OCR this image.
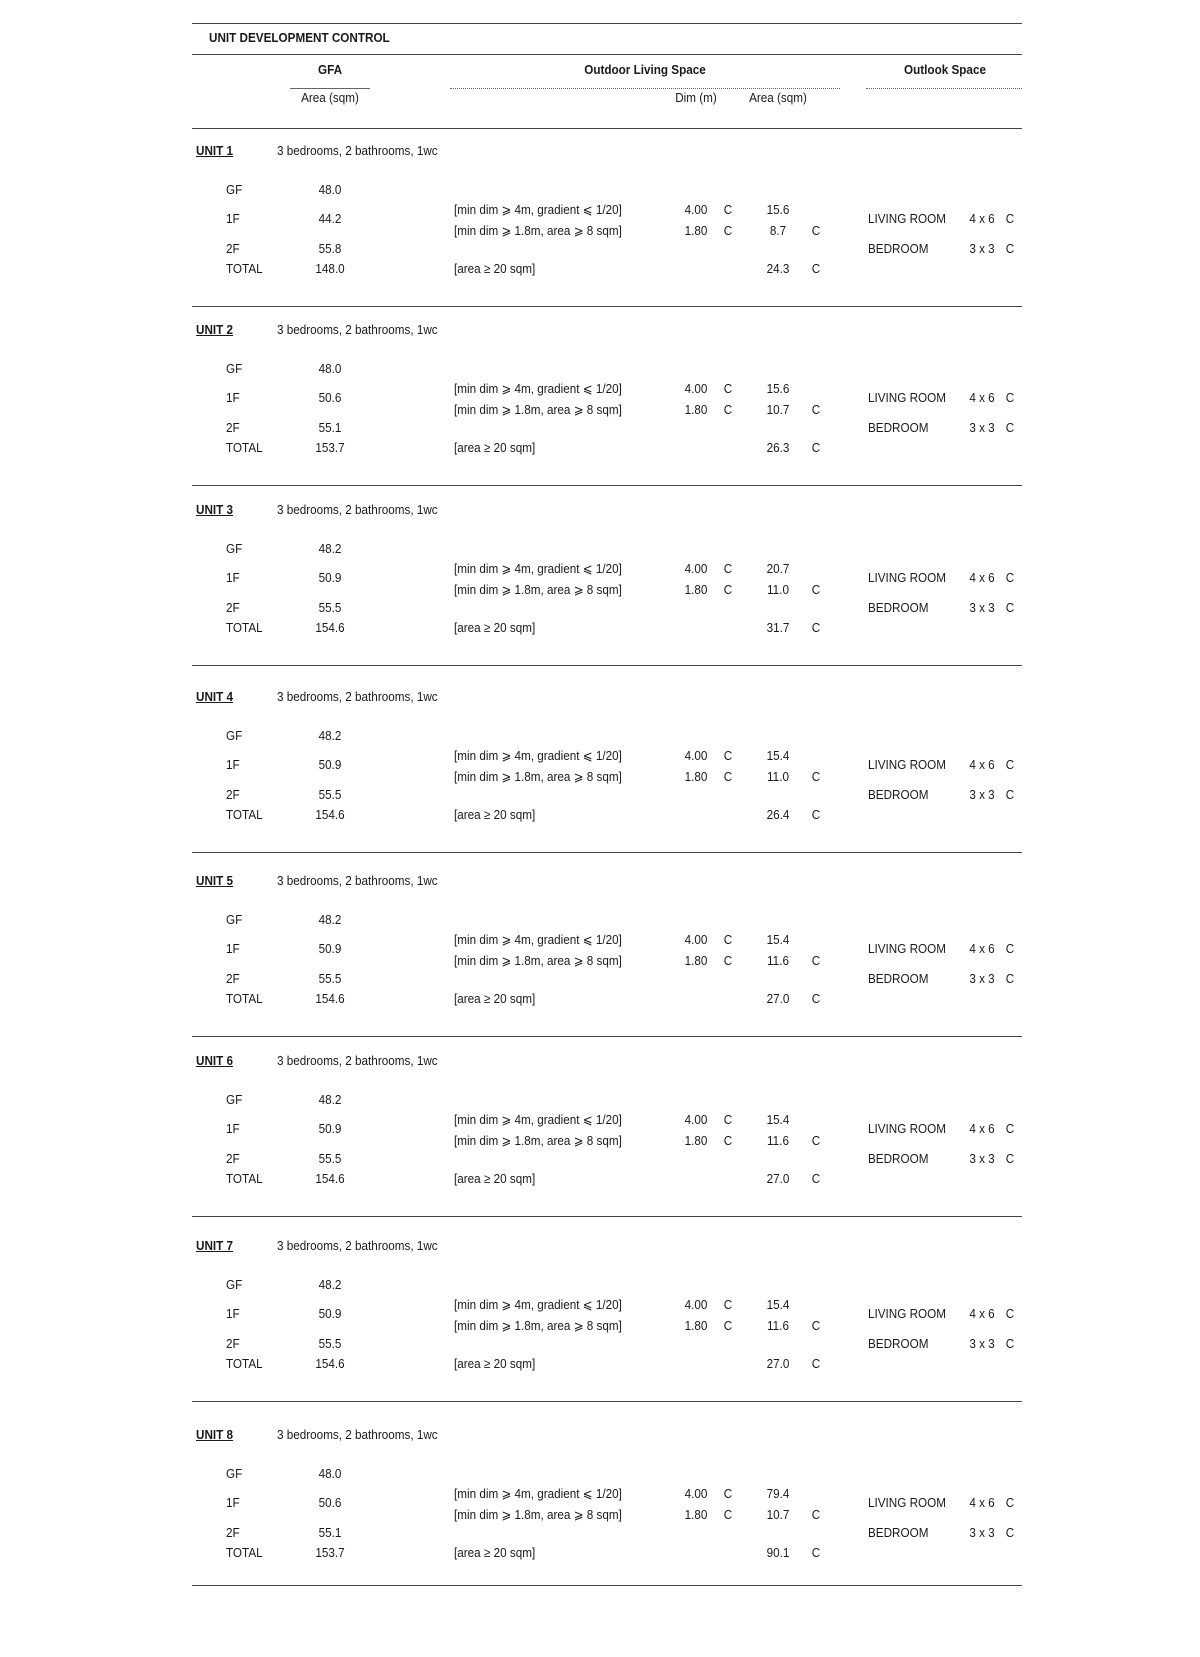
UNIT DEVELOPMENT CONTROL
GFA
Area (sqm)
Outdoor Living Space
Dim (m) Area (sqm)
Outlook Space
UNIT 1	3 bedrooms, 2 bathrooms, 1wc
GF	48.0
1F	44.2
2F	55.8
TOTAL	148.0
[min dim ⩾ 4m, gradient ⩽ 1/20]	4.00 C	15.6
[min dim ⩾ 1.8m, area ⩾ 8 sqm]	1.80 C	8.7 C
[area ≥ 20 sqm]	24.3 C
LIVING ROOM 4 x 6 C
BEDROOM	3 x 3 C
UNIT 2	3 bedrooms, 2 bathrooms, 1wc
GF	48.0
1F	50.6
2F	55.1
TOTAL	153.7
[min dim ⩾ 4m, gradient ⩽ 1/20]	4.00 C	15.6
[min dim ⩾ 1.8m, area ⩾ 8 sqm]	1.80 C	10.7 C
[area ≥ 20 sqm]	26.3 C
LIVING ROOM 4 x 6 C
BEDROOM	3 x 3 C
UNIT 3	3 bedrooms, 2 bathrooms, 1wc
GF	48.2
1F	50.9
2F	55.5
TOTAL	154.6
[min dim ⩾ 4m, gradient ⩽ 1/20]	4.00 C	20.7
[min dim ⩾ 1.8m, area ⩾ 8 sqm]	1.80 C	11.0 C
[area ≥ 20 sqm]	31.7 C
LIVING ROOM 4 x 6 C
BEDROOM	3 x 3 C
UNIT 4	3 bedrooms, 2 bathrooms, 1wc
GF	48.2
1F	50.9
2F	55.5
TOTAL	154.6
[min dim ⩾ 4m, gradient ⩽ 1/20]	4.00 C	15.4
[min dim ⩾ 1.8m, area ⩾ 8 sqm]	1.80 C	11.0 C
[area ≥ 20 sqm]	26.4 C
LIVING ROOM 4 x 6 C
BEDROOM	3 x 3 C
UNIT 5	3 bedrooms, 2 bathrooms, 1wc
GF	48.2
1F	50.9
2F	55.5
TOTAL	154.6
[min dim ⩾ 4m, gradient ⩽ 1/20]	4.00 C	15.4
[min dim ⩾ 1.8m, area ⩾ 8 sqm]	1.80 C	11.6 C
[area ≥ 20 sqm]	27.0 C
LIVING ROOM 4 x 6 C
BEDROOM	3 x 3 C
UNIT 6	3 bedrooms, 2 bathrooms, 1wc
GF	48.2
1F	50.9
2F	55.5
TOTAL	154.6
[min dim ⩾ 4m, gradient ⩽ 1/20]	4.00 C	15.4
[min dim ⩾ 1.8m, area ⩾ 8 sqm]	1.80 C	11.6 C
[area ≥ 20 sqm]	27.0 C
LIVING ROOM 4 x 6 C
BEDROOM	3 x 3 C
UNIT 7	3 bedrooms, 2 bathrooms, 1wc
GF	48.2
1F	50.9
2F	55.5
TOTAL	154.6
[min dim ⩾ 4m, gradient ⩽ 1/20]	4.00 C	15.4
[min dim ⩾ 1.8m, area ⩾ 8 sqm]	1.80 C	11.6 C
[area ≥ 20 sqm]	27.0 C
LIVING ROOM 4 x 6 C
BEDROOM	3 x 3 C
UNIT 8	3 bedrooms, 2 bathrooms, 1wc
GF	48.0
1F	50.6
2F	55.1
TOTAL	153.7
[min dim ⩾ 4m, gradient ⩽ 1/20]	4.00 C	79.4
[min dim ⩾ 1.8m, area ⩾ 8 sqm]	1.80 C	10.7 C
[area ≥ 20 sqm]	90.1 C
LIVING ROOM 4 x 6 C
BEDROOM	3 x 3 C
